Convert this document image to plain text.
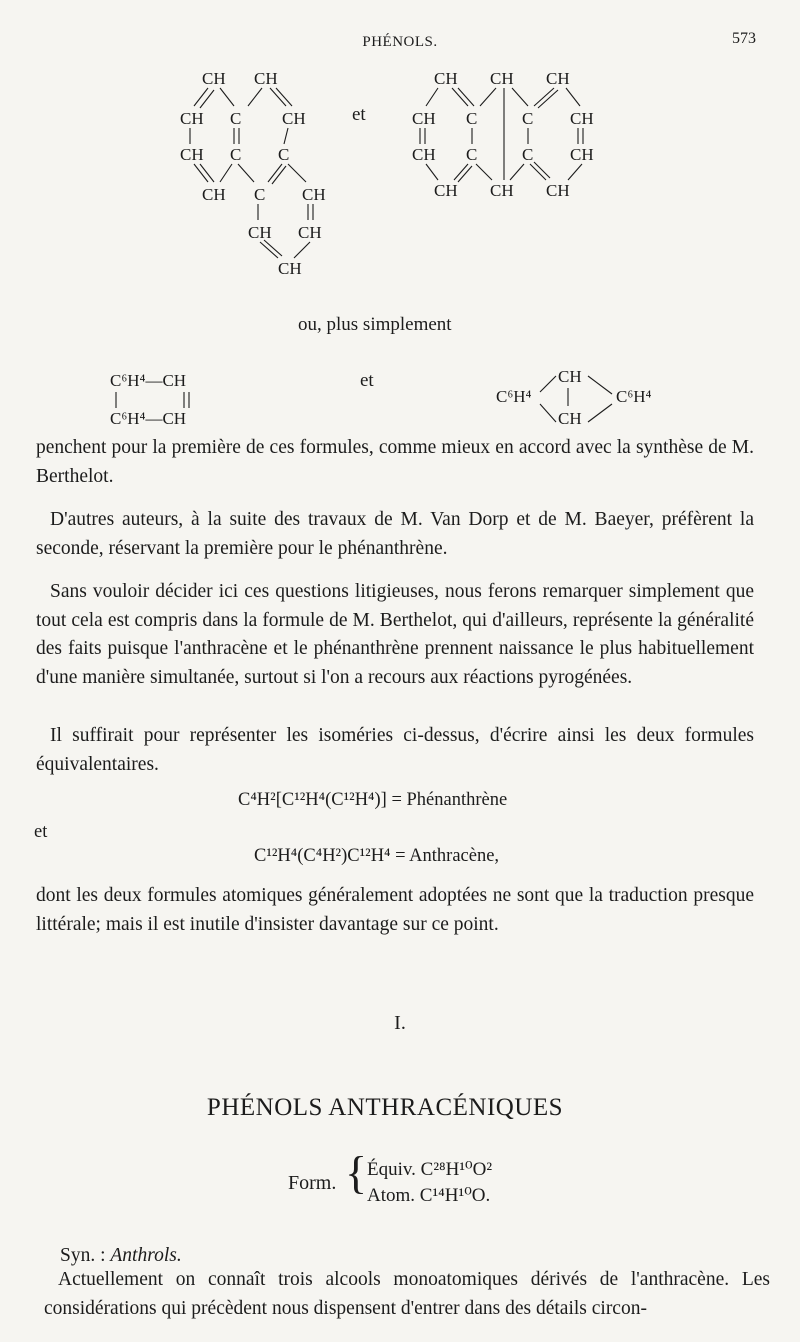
PHÉNOLS.	573
CH CH
CH C CH
CH C C
CH C CH
CH CH
CH
et
CH CH CH
CH C	C CH
CH C	C CH
CH CH CH
ou, plus simplement
C⁶H⁴—CH
C⁶H⁴—CH
et
C⁶H⁴
CH
CH
C⁶H⁴

penchent pour la première de ces formules, comme mieux en accord avec la synthèse de M. Berthelot.

D'autres auteurs, à la suite des travaux de M. Van Dorp et de M. Baeyer, préfèrent la seconde, réservant la première pour le phénanthrène.

Sans vouloir décider ici ces questions litigieuses, nous ferons remarquer simplement que tout cela est compris dans la formule de M. Berthelot, qui d'ailleurs, représente la généralité des faits puisque l'anthracène et le phénanthrène prennent naissance le plus habituellement d'une manière simultanée, surtout si l'on a recours aux réactions pyrogénées.

Il suffirait pour représenter les isoméries ci-dessus, d'écrire ainsi les deux formules équivalentaires.

C⁴H²[C¹²H⁴(C¹²H⁴)] = Phénanthrène
et
C¹²H⁴(C⁴H²)C¹²H⁴ = Anthracène,

dont les deux formules atomiques généralement adoptées ne sont que la traduction presque littérale; mais il est inutile d'insister davantage sur ce point.

I.
PHÉNOLS ANTHRACÉNIQUES
Form. { Équiv. C²⁸H¹⁰O²
Atom. C¹⁴H¹⁰O.
Syn. : Anthrols.

Actuellement on connaît trois alcools monoatomiques dérivés de l'anthracène. Les considérations qui précèdent nous dispensent d'entrer dans des détails circon-
